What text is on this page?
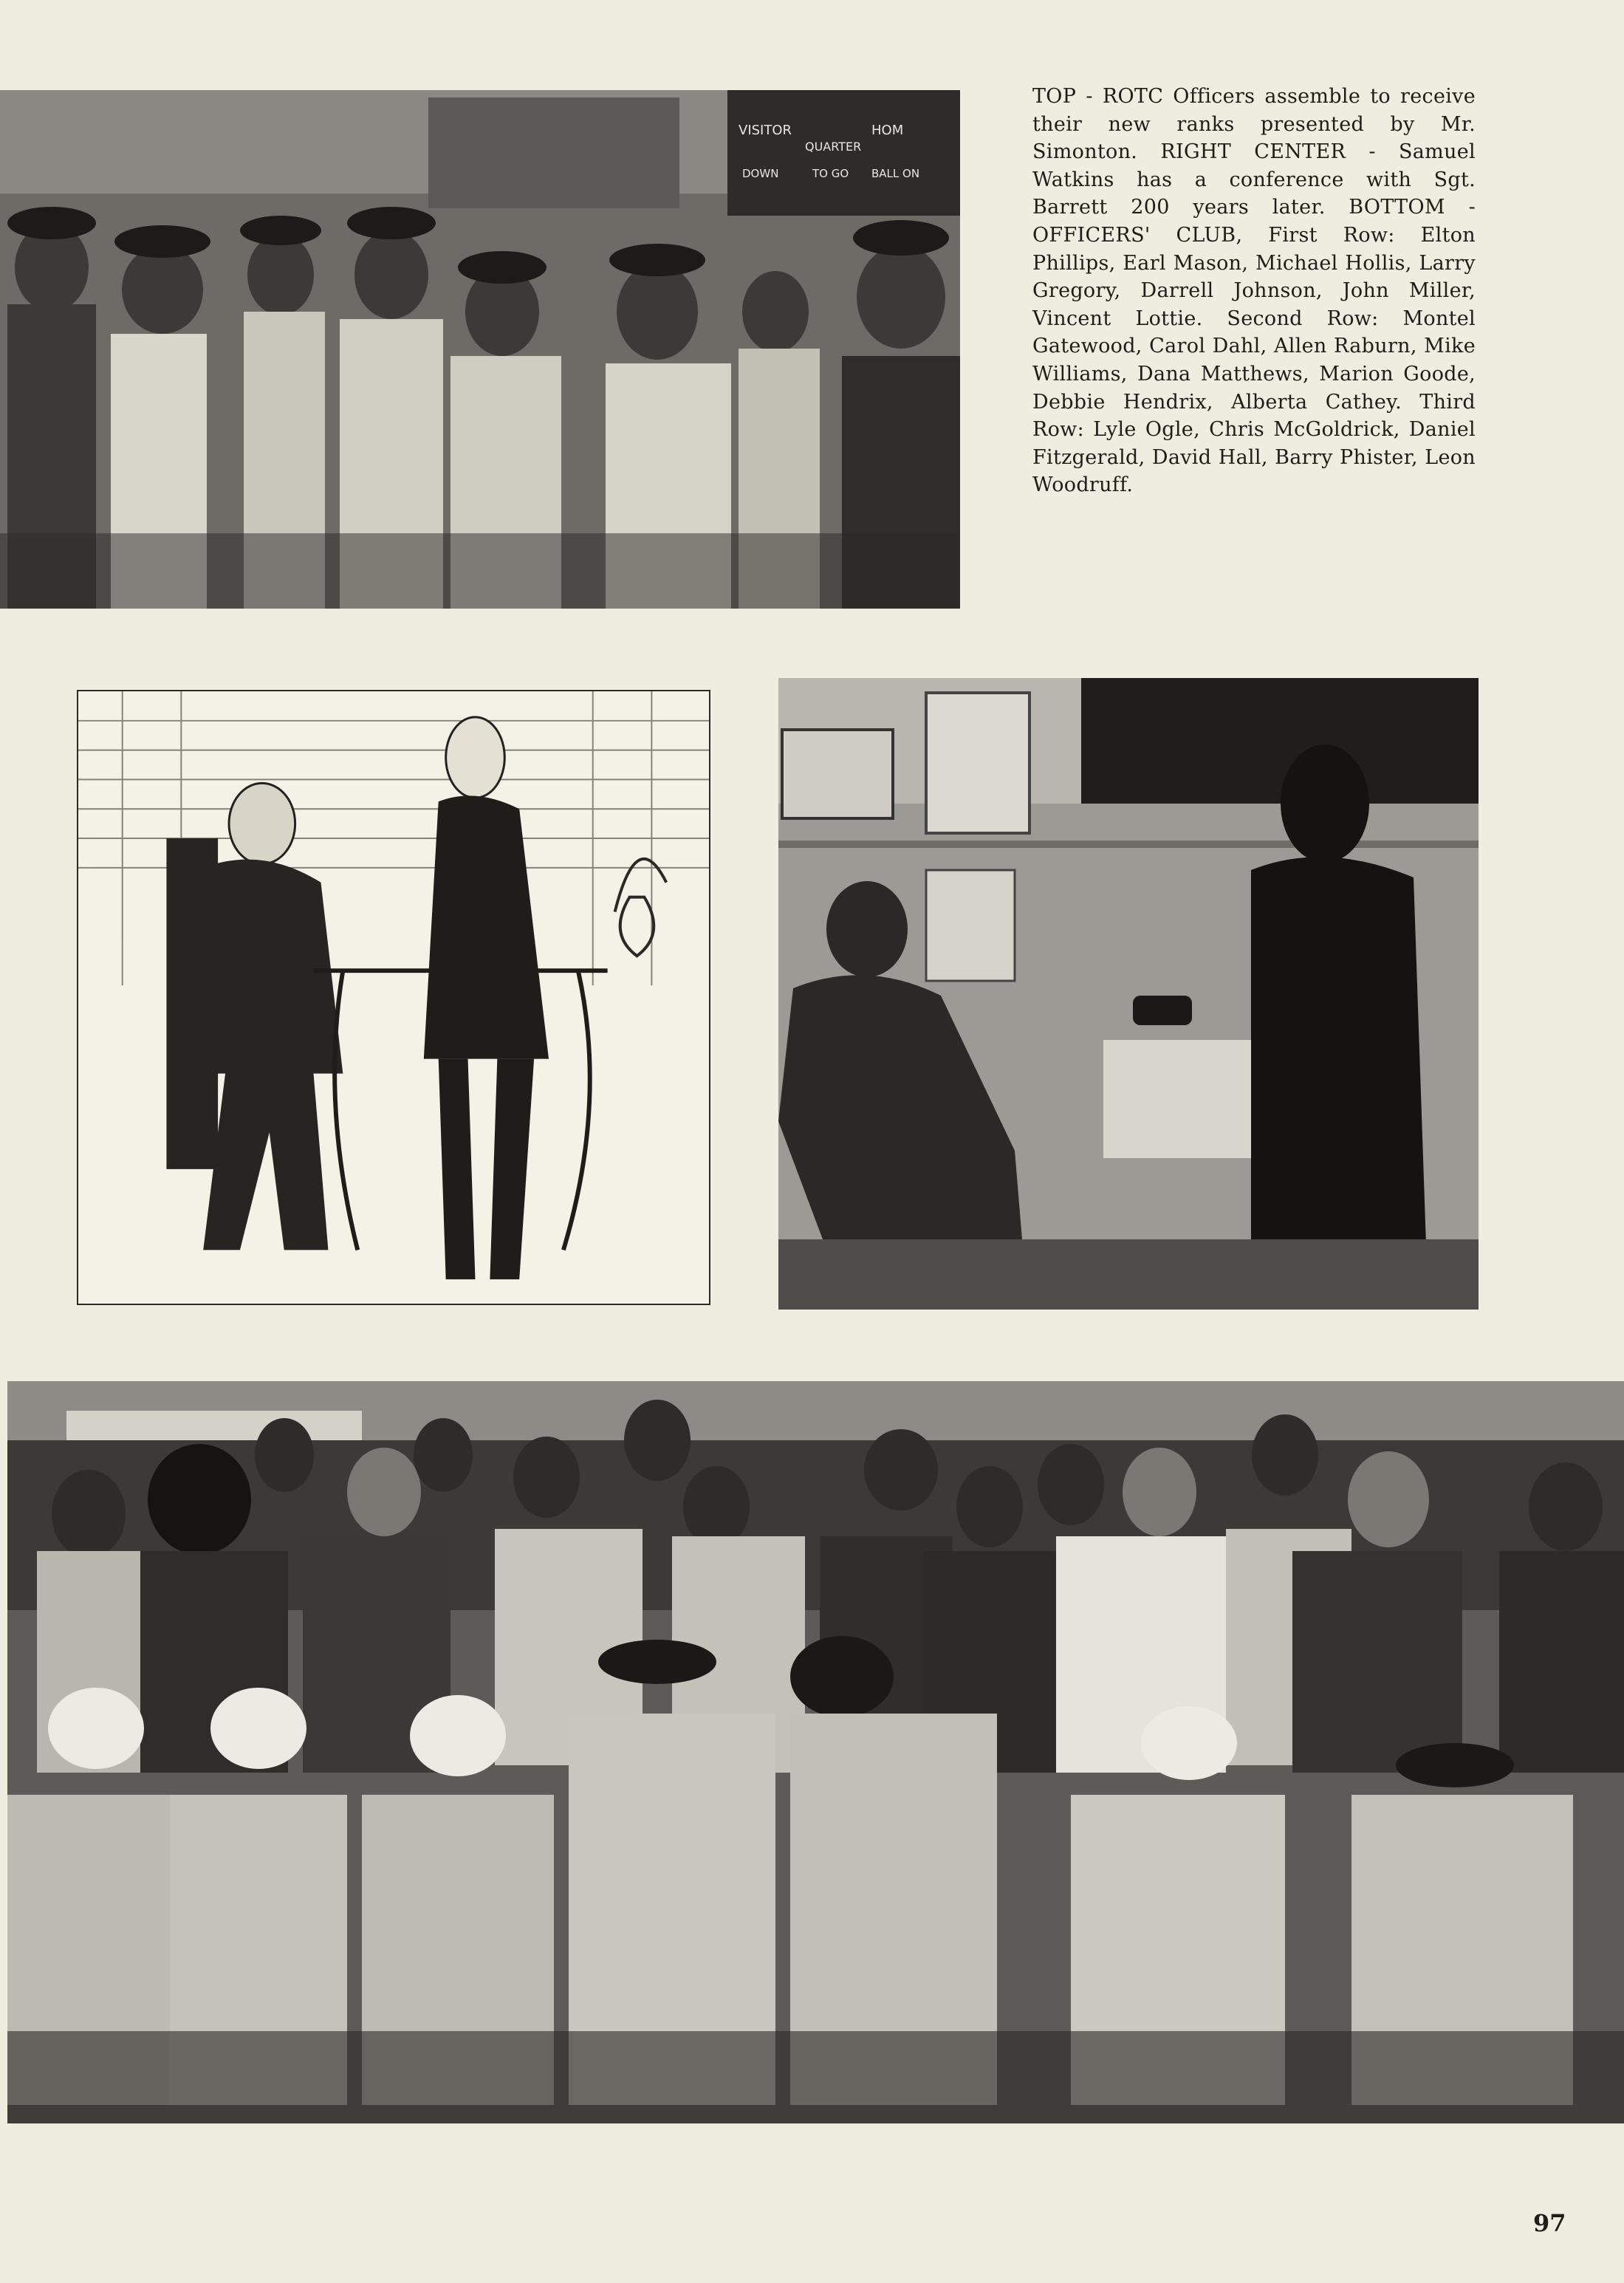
VISITOR	HOM
QUARTER
DOWN	TO GO BALL ON

TOP - ROTC Officers assemble to receive their new ranks presented by Mr. Simonton. RIGHT CENTER - Samuel Watkins has a conference with Sgt. Barrett 200 years later. BOTTOM - OFFICERS' CLUB, First Row: Elton Phillips, Earl Mason, Michael Hollis, Larry Gregory, Darrell Johnson, John Miller, Vincent Lottie. Second Row: Montel Gatewood, Carol Dahl, Allen Raburn, Mike Williams, Dana Matthews, Marion Goode, Debbie Hendrix, Alberta Cathey. Third Row: Lyle Ogle, Chris McGoldrick, Daniel Fitzgerald, David Hall, Barry Phister, Leon Woodruff.

97
